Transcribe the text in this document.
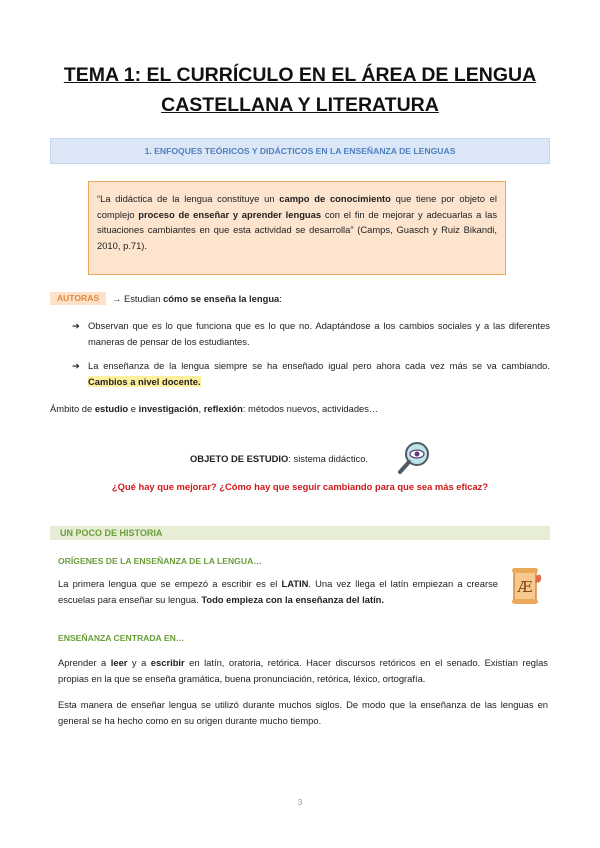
TEMA 1: EL CURRÍCULO EN EL ÁREA DE LENGUA
CASTELLANA Y LITERATURA
1. ENFOQUES TEÓRICOS Y DIDÁCTICOS EN LA ENSEÑANZA DE LENGUAS
“La didáctica de la lengua constituye un campo de conocimiento que tiene por objeto el complejo proceso de enseñar y aprender lenguas con el fin de mejorar y adecuarlas a las situaciones cambiantes en que esta actividad se desarrolla” (Camps, Guasch y Ruiz Bikandi, 2010, p.71).
AUTORAS	→ Estudian cómo se enseña la lengua:
➔ Observan que es lo que funciona que es lo que no. Adaptándose a los cambios sociales y a las diferentes maneras de pensar de los estudiantes.
➔ La enseñanza de la lengua siempre se ha enseñado igual pero ahora cada vez más se va cambiando. Cambios a nivel docente.
Ámbito de estudio e investigación, reflexión: métodos nuevos, actividades…
OBJETO DE ESTUDIO: sistema didáctico.
¿Qué hay que mejorar? ¿Cómo hay que seguir cambiando para que sea más eficaz?
UN POCO DE HISTORIA
ORÍGENES DE LA ENSEÑANZA DE LA LENGUA…
La primera lengua que se empezó a escribir es el LATIN. Una vez llega el latín empiezan a crearse escuelas para enseñar su lengua. Todo empieza con la enseñanza del latín.
Æ
ENSEÑANZA CENTRADA EN…
Aprender a leer y a escribir en latín, oratoria, retórica. Hacer discursos retóricos en el senado. Existían reglas propias en la que se enseña gramática, buena pronunciación, retórica, léxico, ortografía.
Esta manera de enseñar lengua se utilizó durante muchos siglos. De modo que la enseñanza de las lenguas en general se ha hecho como en su origen durante mucho tiempo.
3
